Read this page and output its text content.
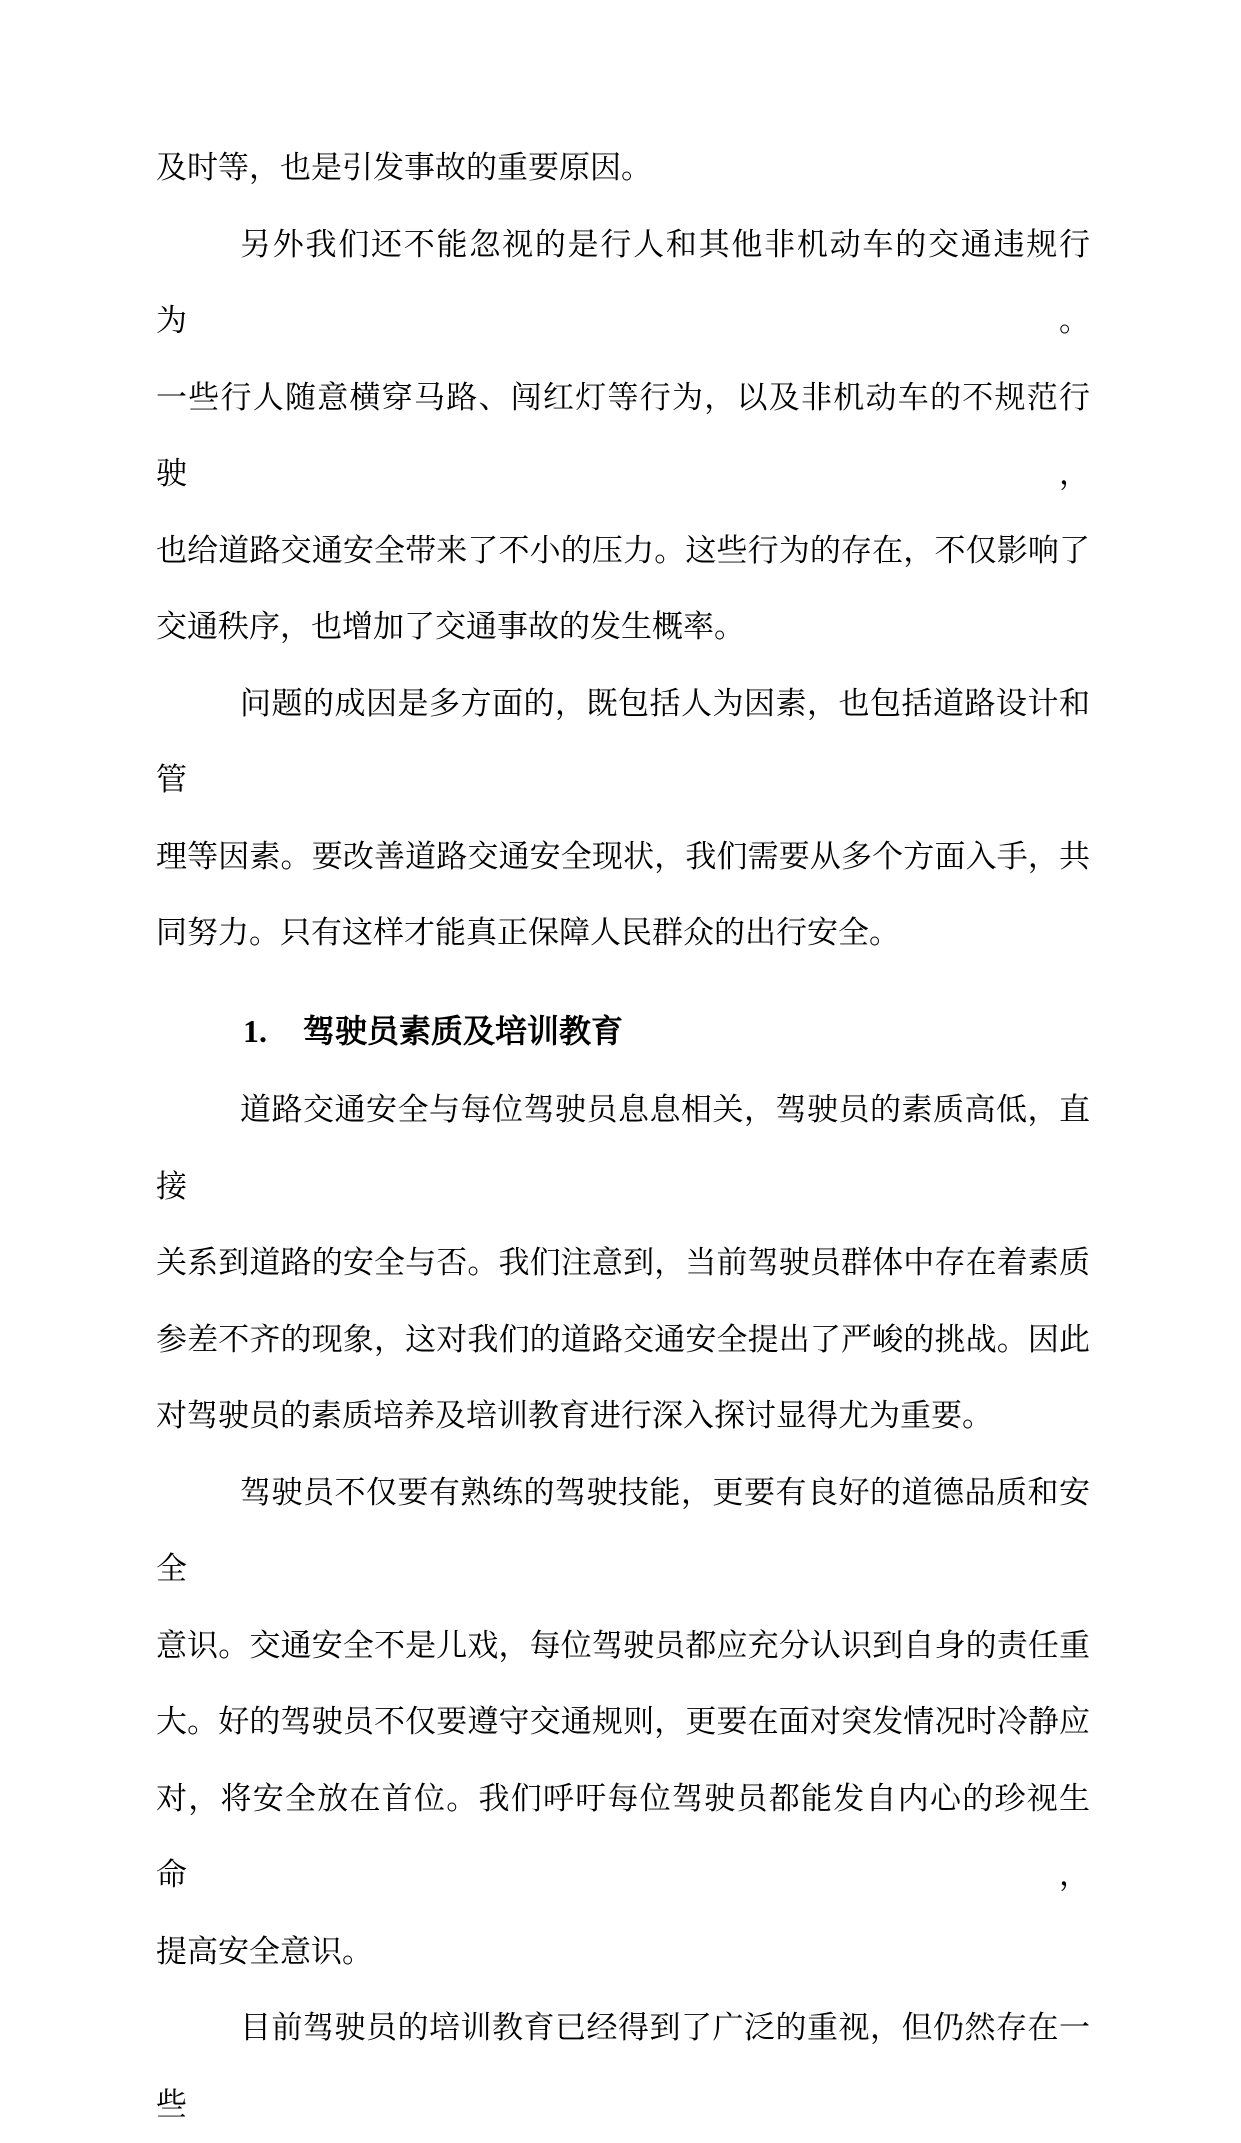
及时等，也是引发事故的重要原因。
另外我们还不能忽视的是行人和其他非机动车的交通违规行为。
一些行人随意横穿马路、闯红灯等行为，以及非机动车的不规范行驶，
也给道路交通安全带来了不小的压力。这些行为的存在，不仅影响了
交通秩序，也增加了交通事故的发生概率。
问题的成因是多方面的，既包括人为因素，也包括道路设计和管
理等因素。要改善道路交通安全现状，我们需要从多个方面入手，共
同努力。只有这样才能真正保障人民群众的出行安全。
1. 驾驶员素质及培训教育
道路交通安全与每位驾驶员息息相关，驾驶员的素质高低，直接
关系到道路的安全与否。我们注意到，当前驾驶员群体中存在着素质
参差不齐的现象，这对我们的道路交通安全提出了严峻的挑战。因此
对驾驶员的素质培养及培训教育进行深入探讨显得尤为重要。
驾驶员不仅要有熟练的驾驶技能，更要有良好的道德品质和安全
意识。交通安全不是儿戏，每位驾驶员都应充分认识到自身的责任重
大。好的驾驶员不仅要遵守交通规则，更要在面对突发情况时冷静应
对，将安全放在首位。我们呼吁每位驾驶员都能发自内心的珍视生命，
提高安全意识。
目前驾驶员的培训教育已经得到了广泛的重视，但仍然存在一些
